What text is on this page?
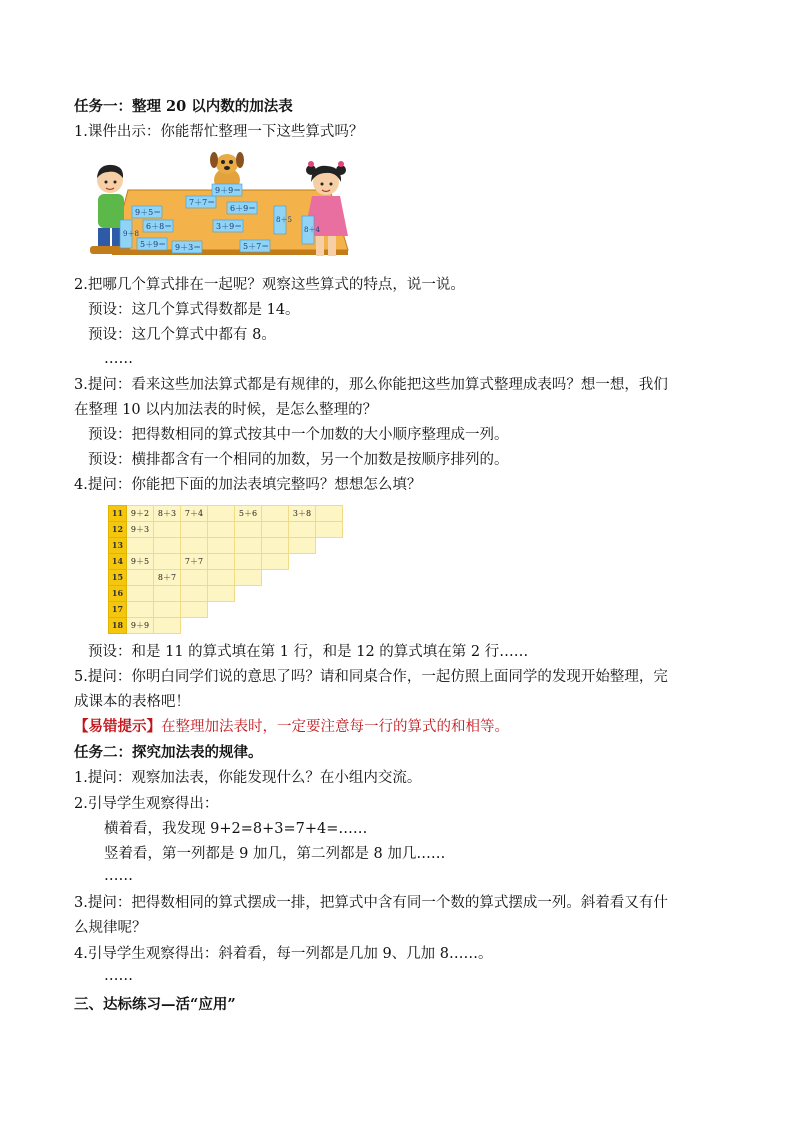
任务一：整理 20 以内数的加法表
1.课件出示：你能帮忙整理一下这些算式吗？
9＋5＝
7＋7＝
9＋9＝
6＋9＝
6＋8＝	3＋9＝
5＋9＝ 9＋3＝	5＋7＝
9＋8
8＋5
8＋4
2.把哪几个算式排在一起呢？观察这些算式的特点，说一说。
预设：这几个算式得数都是 14。
预设：这几个算式中都有 8。
……
3.提问：看来这些加法算式都是有规律的，那么你能把这些加算式整理成表吗？想一想，我们
在整理 10 以内加法表的时候，是怎么整理的？
预设：把得数相同的算式按其中一个加数的大小顺序整理成一列。
预设：横排都含有一个相同的加数，另一个加数是按顺序排列的。
4.提问：你能把下面的加法表填完整吗？想想怎么填？
11	9＋2	8＋3	7＋4		5＋6		3＋8	
12	9＋3							
13								
14	9＋5		7＋7					
15		8＋7						
16								
17								
18	9＋9							
预设：和是 11 的算式填在第 1 行，和是 12 的算式填在第 2 行……
5.提问：你明白同学们说的意思了吗？请和同桌合作，一起仿照上面同学的发现开始整理，完
成课本的表格吧！
【易错提示】在整理加法表时，一定要注意每一行的算式的和相等。
任务二：探究加法表的规律。
1.提问：观察加法表，你能发现什么？在小组内交流。
2.引导学生观察得出：
横着看，我发现 9+2=8+3=7+4=……
竖着看，第一列都是 9 加几，第二列都是 8 加几……
……
3.提问：把得数相同的算式摆成一排，把算式中含有同一个数的算式摆成一列。斜着看又有什
么规律呢？
4.引导学生观察得出：斜着看，每一列都是几加 9、几加 8……。
……
三、达标练习—活“应用”
